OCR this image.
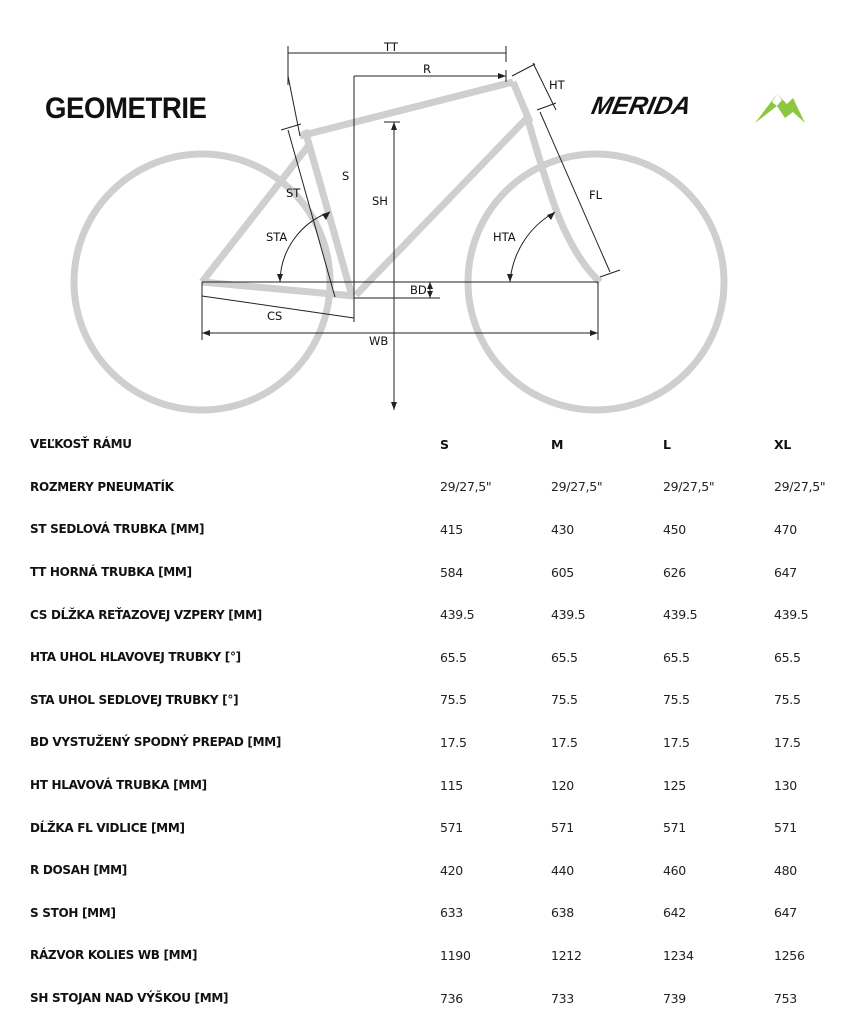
TT
R
HT
S
ST
SH	FL
STA	HTA
BD
CS
WB
GEOMETRIE	MERIDA
VEĽKOSŤ RÁMU	S	M	L	XL
ROZMERY PNEUMATÍK	29/27,5"	29/27,5"	29/27,5"	29/27,5"
ST SEDLOVÁ TRUBKA [MM]	415	430	450	470
TT HORNÁ TRUBKA [MM]	584	605	626	647
CS DĹŽKA REŤAZOVEJ VZPERY [MM]	439.5	439.5	439.5	439.5
HTA UHOL HLAVOVEJ TRUBKY [°]	65.5	65.5	65.5	65.5
STA UHOL SEDLOVEJ TRUBKY [°]	75.5	75.5	75.5	75.5
BD VYSTUŽENÝ SPODNÝ PREPAD [MM]	17.5	17.5	17.5	17.5
HT HLAVOVÁ TRUBKA [MM]	115	120	125	130
DĹŽKA FL VIDLICE [MM]	571	571	571	571
R DOSAH [MM]	420	440	460	480
S STOH [MM]	633	638	642	647
RÁZVOR KOLIES WB [MM]	1190	1212	1234	1256
SH STOJAN NAD VÝŠKOU [MM]	736	733	739	753
